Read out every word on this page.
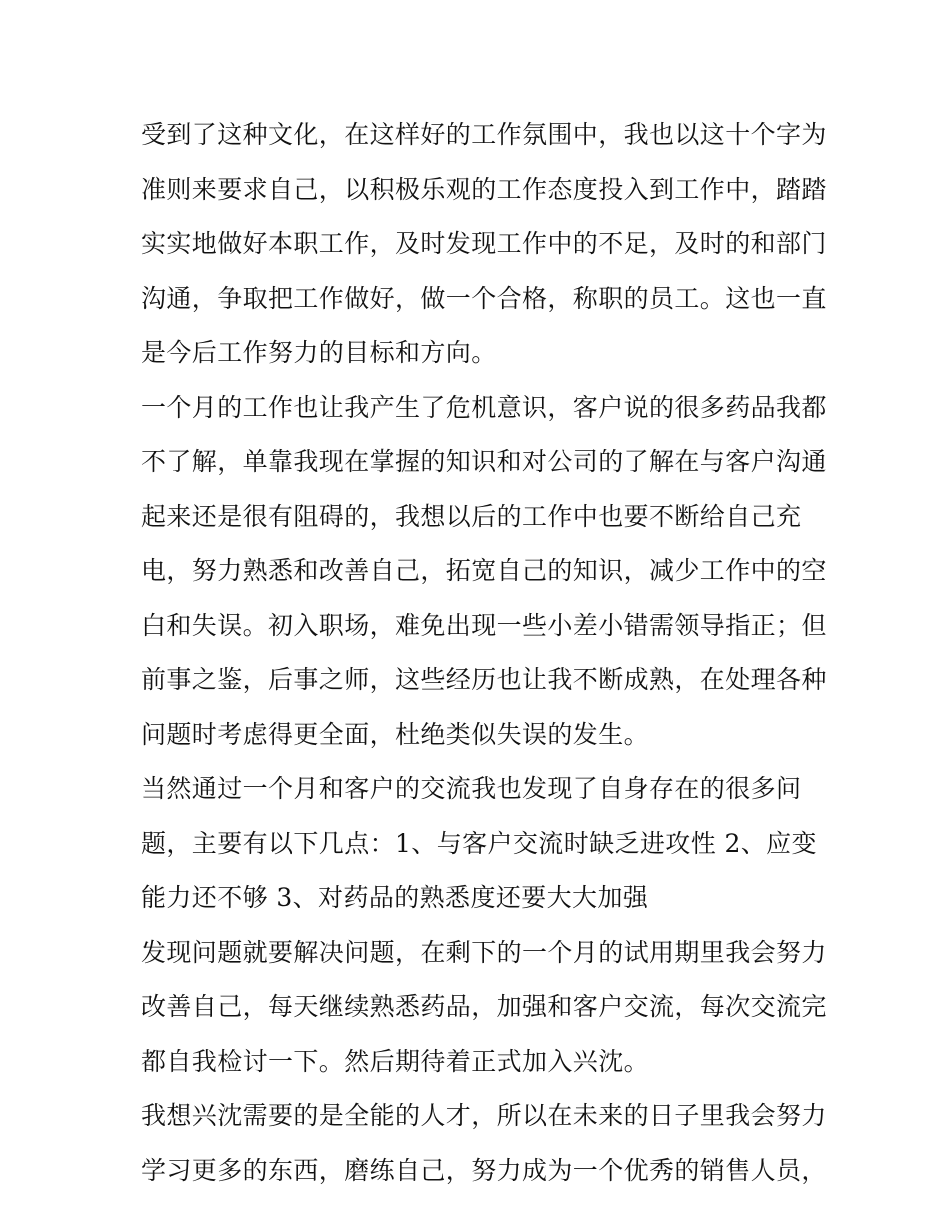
受到了这种文化，在这样好的工作氛围中，我也以这十个字为
准则来要求自己，以积极乐观的工作态度投入到工作中，踏踏
实实地做好本职工作，及时发现工作中的不足，及时的和部门
沟通，争取把工作做好，做一个合格，称职的员工。这也一直
是今后工作努力的目标和方向。
一个月的工作也让我产生了危机意识，客户说的很多药品我都
不了解，单靠我现在掌握的知识和对公司的了解在与客户沟通
起来还是很有阻碍的，我想以后的工作中也要不断给自己充
电，努力熟悉和改善自己，拓宽自己的知识，减少工作中的空
白和失误。初入职场，难免出现一些小差小错需领导指正；但
前事之鉴，后事之师，这些经历也让我不断成熟，在处理各种
问题时考虑得更全面，杜绝类似失误的发生。
当然通过一个月和客户的交流我也发现了自身存在的很多问
题，主要有以下几点：1、与客户交流时缺乏进攻性 2、应变
能力还不够 3、对药品的熟悉度还要大大加强
发现问题就要解决问题，在剩下的一个月的试用期里我会努力
改善自己，每天继续熟悉药品，加强和客户交流，每次交流完
都自我检讨一下。然后期待着正式加入兴沈。
我想兴沈需要的是全能的人才，所以在未来的日子里我会努力
学习更多的东西，磨练自己，努力成为一个优秀的销售人员，
